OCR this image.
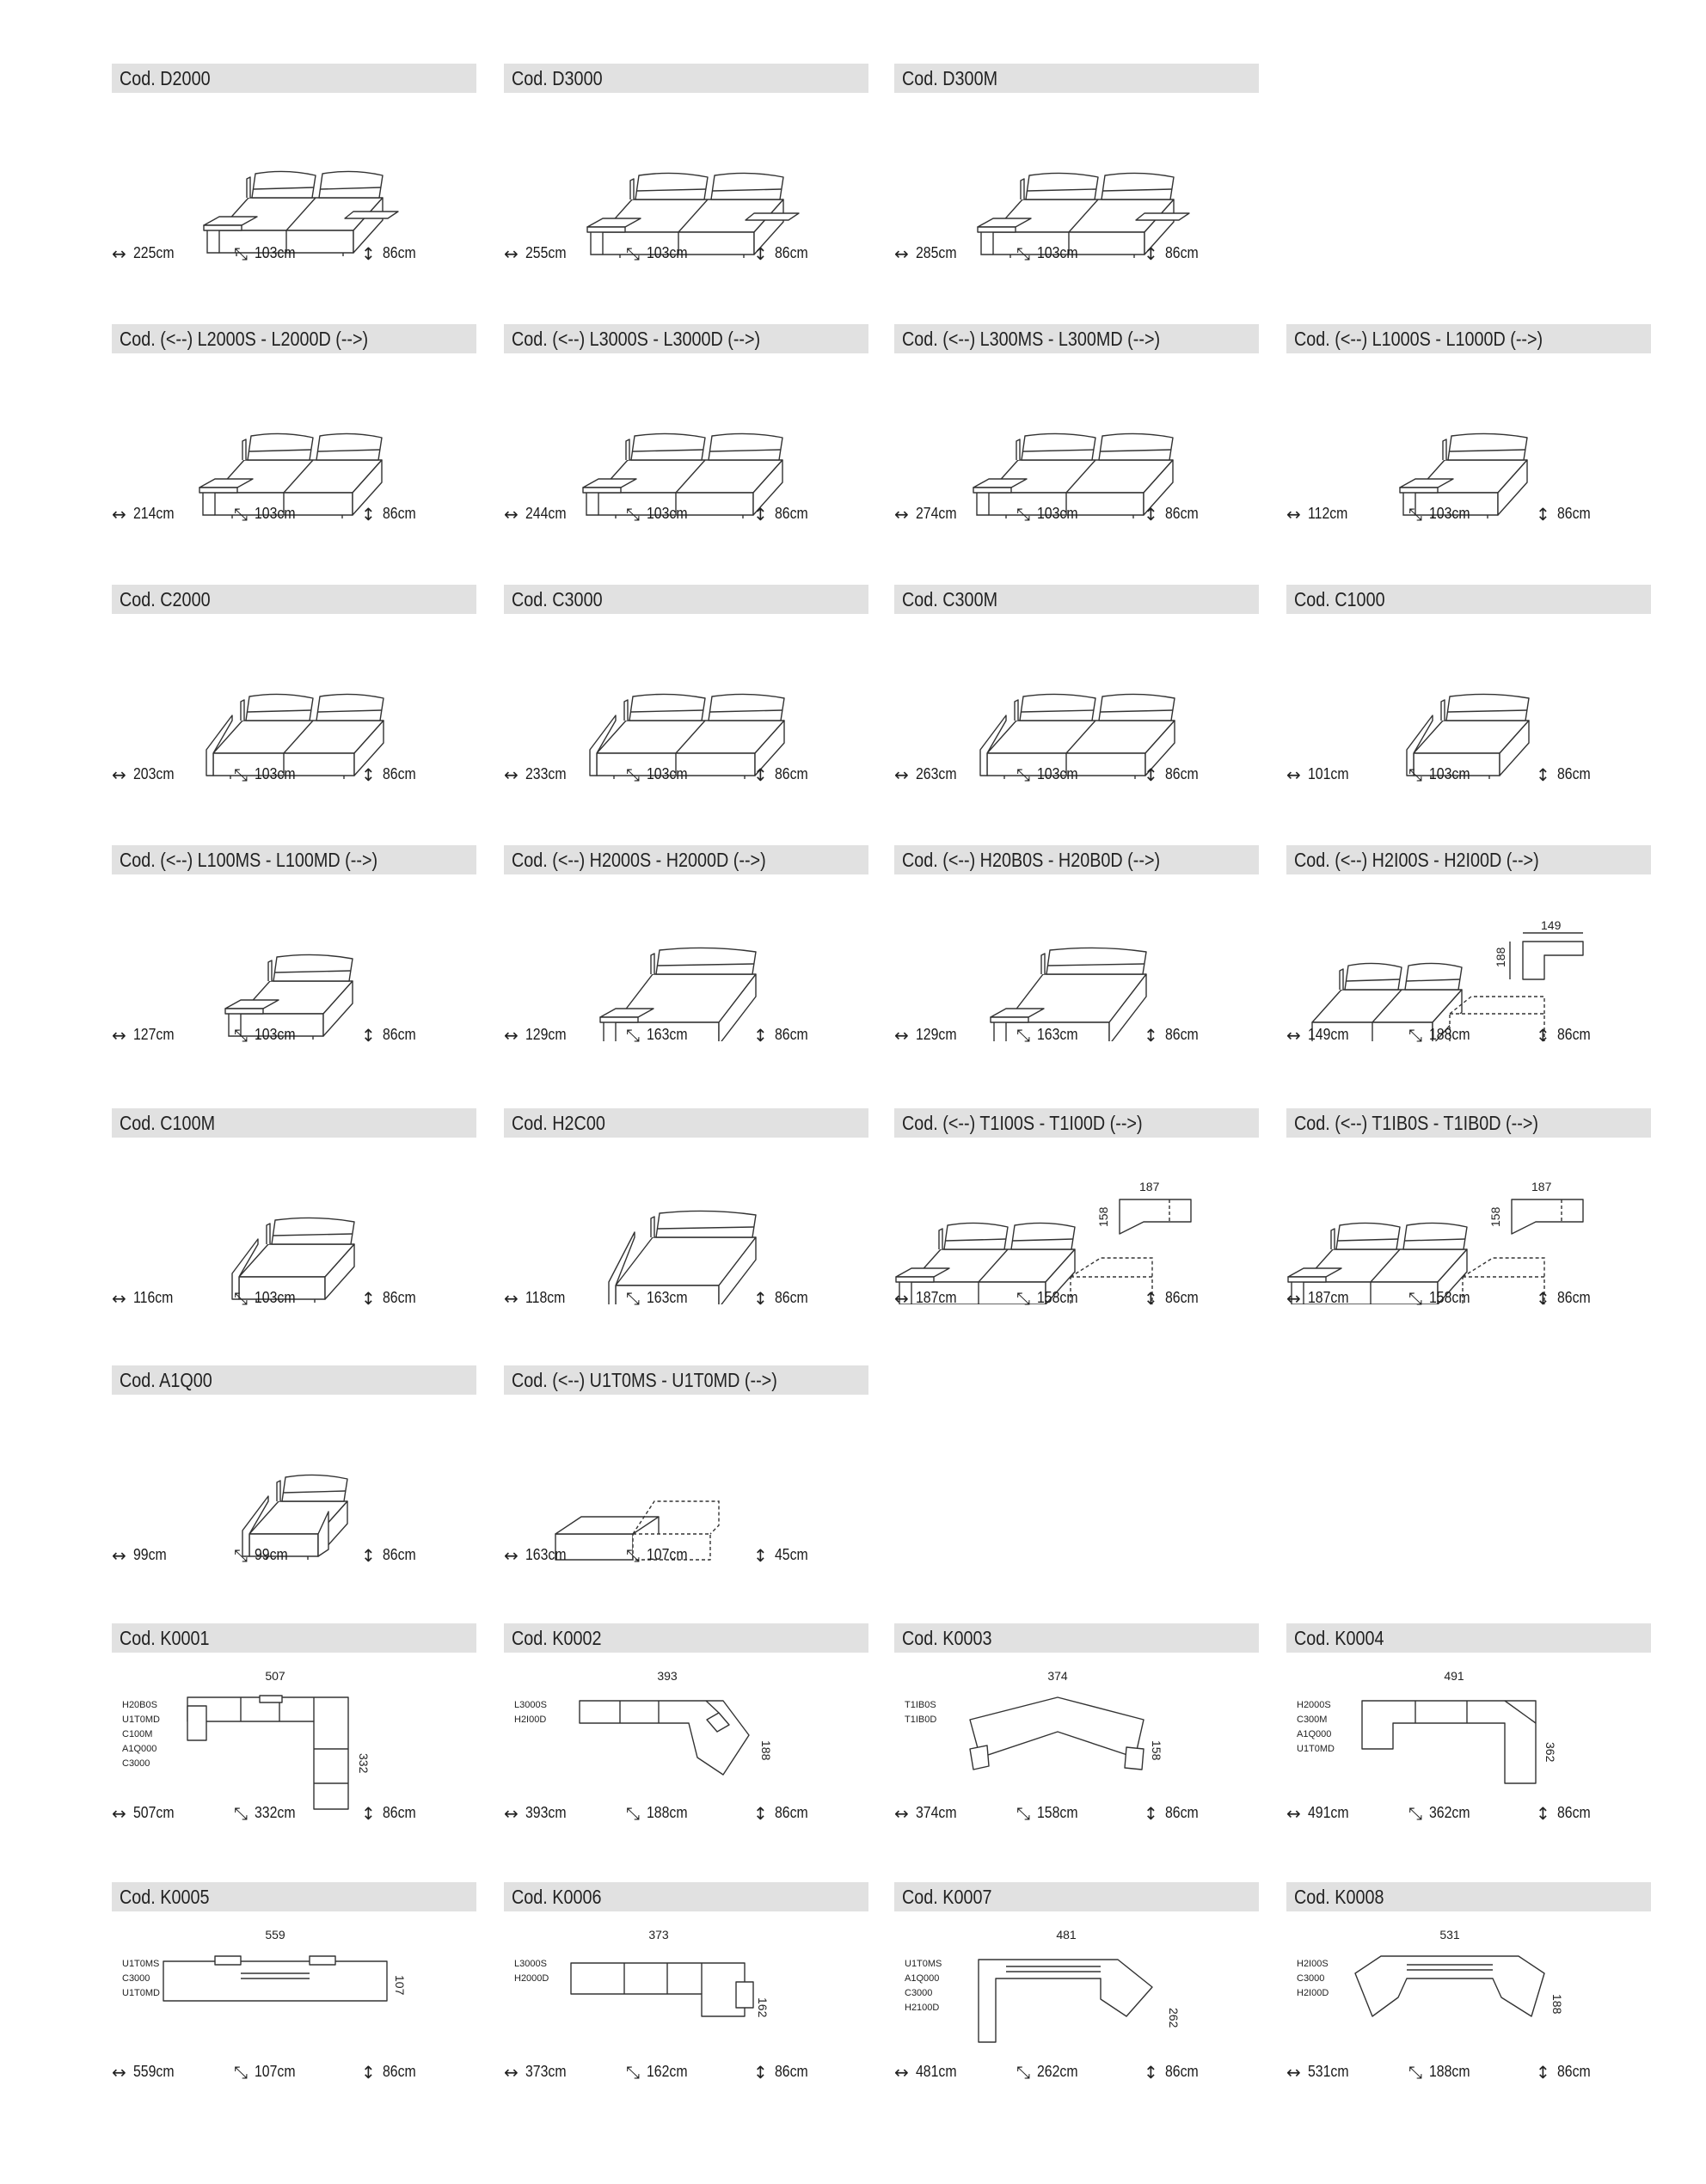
Cod. D2000
↔ 225cm	⤡ 103cm	↕ 86cm
Cod. D3000
↔ 255cm	⤡ 103cm	↕ 86cm
Cod. D300M
↔ 285cm	⤡ 103cm	↕ 86cm
Cod. (<--) L2000S - L2000D (-->)
↔ 214cm	⤡ 103cm	↕ 86cm
Cod. (<--) L3000S - L3000D (-->)
↔ 244cm	⤡ 103cm	↕ 86cm
Cod. (<--) L300MS - L300MD (-->)
↔ 274cm	⤡ 103cm	↕ 86cm
Cod. (<--) L1000S - L1000D (-->)
↔ 112cm	⤡ 103cm	↕ 86cm
Cod. C2000
↔ 203cm	⤡ 103cm	↕ 86cm
Cod. C3000
↔ 233cm	⤡ 103cm	↕ 86cm
Cod. C300M
↔ 263cm	⤡ 103cm	↕ 86cm
Cod. C1000
↔ 101cm	⤡ 103cm	↕ 86cm
Cod. (<--) L100MS - L100MD (-->)
↔ 127cm	⤡ 103cm	↕ 86cm
Cod. (<--) H2000S - H2000D (-->)
↔ 129cm	⤡ 163cm	↕ 86cm
Cod. (<--) H20B0S - H20B0D (-->)
↔ 129cm	⤡ 163cm	↕ 86cm
Cod. (<--) H2I00S - H2I00D (-->)
149
188
↔ 149cm	⤡ 188cm	↕ 86cm
Cod. C100M
↔ 116cm	⤡ 103cm	↕ 86cm
Cod. H2C00
↔ 118cm	⤡ 163cm	↕ 86cm
Cod. (<--) T1I00S - T1I00D (-->)
187
158
↔ 187cm	⤡ 158cm	↕ 86cm
Cod. (<--) T1IB0S - T1IB0D (-->)
187
158
↔ 187cm	⤡ 158cm	↕ 86cm
Cod. A1Q00
↔ 99cm	⤡ 99cm	↕ 86cm
Cod. (<--) U1T0MS - U1T0MD (-->)
↔ 163cm	⤡ 107cm	↕ 45cm
Cod. K0001
H20B0S
U1T0MD
C100M
A1Q000
C3000
507
332
↔ 507cm	⤡ 332cm	↕ 86cm
Cod. K0002
L3000S
H2I00D
393
188
↔ 393cm	⤡ 188cm	↕ 86cm
Cod. K0003
T1IB0S
T1IB0D
374
158
↔ 374cm	⤡ 158cm	↕ 86cm
Cod. K0004
H2000S
C300M
A1Q000
U1T0MD
491
362
↔ 491cm	⤡ 362cm	↕ 86cm
Cod. K0005
U1T0MS
C3000
U1T0MD
559
107
↔ 559cm	⤡ 107cm	↕ 86cm
Cod. K0006
L3000S
H2000D
373
162
↔ 373cm	⤡ 162cm	↕ 86cm
Cod. K0007
U1T0MS
A1Q000
C3000
H2100D
481
262
↔ 481cm	⤡ 262cm	↕ 86cm
Cod. K0008
H2I00S
C3000
H2I00D
531
188
↔ 531cm	⤡ 188cm	↕ 86cm
